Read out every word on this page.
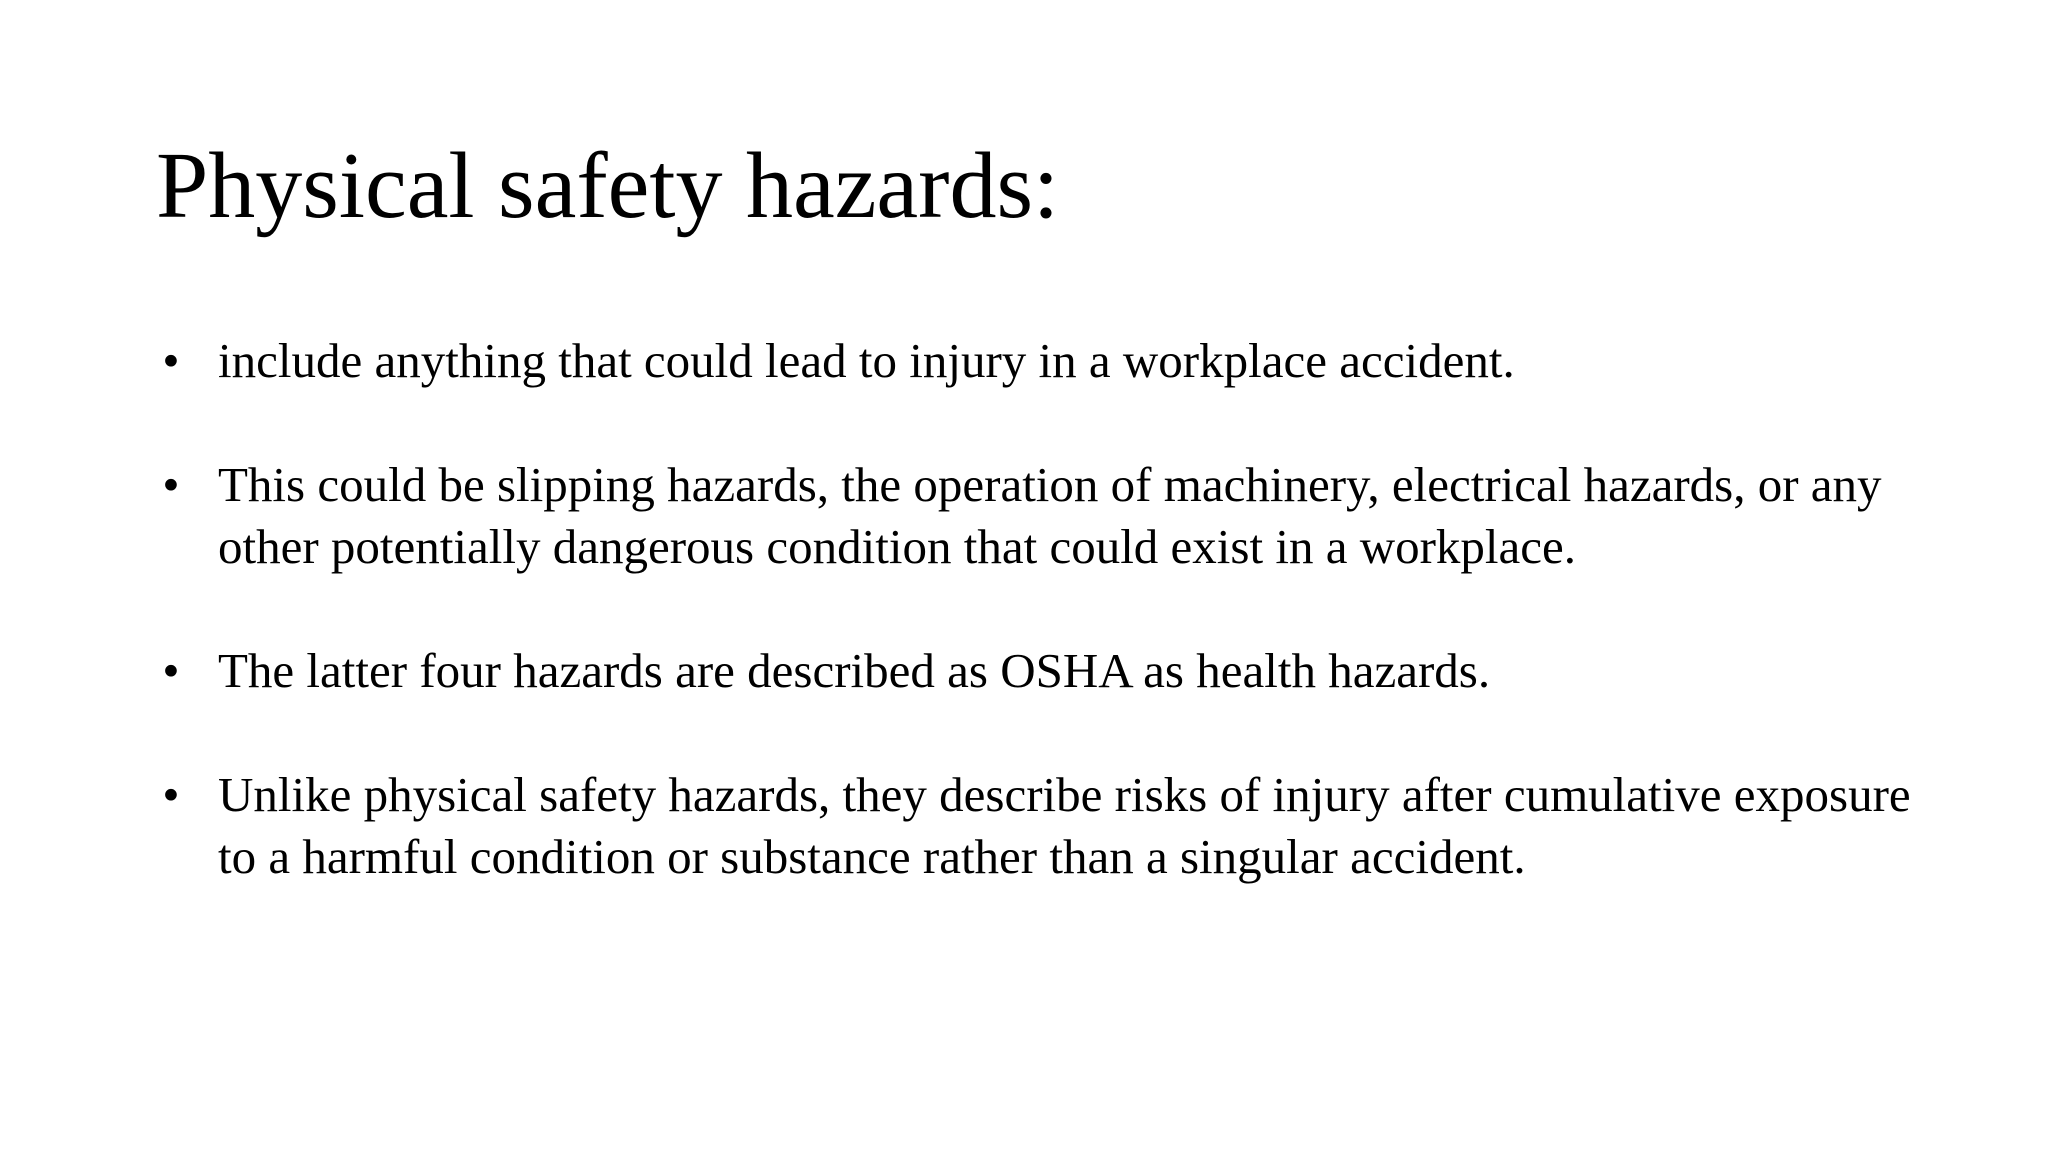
Physical safety hazards:
• include anything that could lead to injury in a workplace accident.
• This could be slipping hazards, the operation of machinery, electrical hazards, or any other potentially dangerous condition that could exist in a workplace.
• The latter four hazards are described as OSHA as health hazards.
• Unlike physical safety hazards, they describe risks of injury after cumulative exposure to a harmful condition or substance rather than a singular accident.
